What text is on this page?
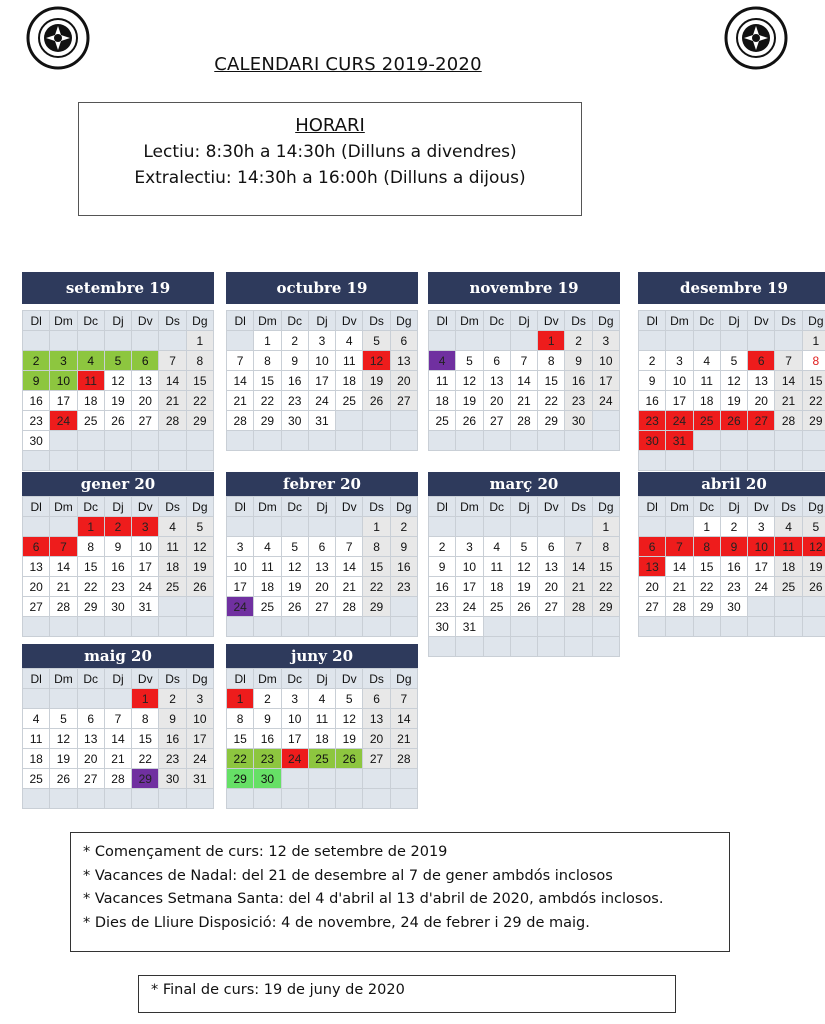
CALENDARI CURS 2019-2020
HORARI
Lectiu: 8:30h a 14:30h (Dilluns a divendres)
Extralectiu: 14:30h a 16:00h (Dilluns a dijous)
setembre 19
Dl	Dm	Dc	Dj	Dv	Ds	Dg
						1
2	3	4	5	6	7	8
9	10	11	12	13	14	15
16	17	18	19	20	21	22
23	24	25	26	27	28	29
30						

octubre 19
Dl	Dm	Dc	Dj	Dv	Ds	Dg
	1	2	3	4	5	6
7	8	9	10	11	12	13
14	15	16	17	18	19	20
21	22	23	24	25	26	27
28	29	30	31			

novembre 19
Dl	Dm	Dc	Dj	Dv	Ds	Dg
				1	2	3
4	5	6	7	8	9	10
11	12	13	14	15	16	17
18	19	20	21	22	23	24
25	26	27	28	29	30	

desembre 19
Dl	Dm	Dc	Dj	Dv	Ds	Dg
						1
2	3	4	5	6	7	8
9	10	11	12	13	14	15
16	17	18	19	20	21	22
23	24	25	26	27	28	29
30	31					

gener 20
Dl	Dm	Dc	Dj	Dv	Ds	Dg
		1	2	3	4	5
6	7	8	9	10	11	12
13	14	15	16	17	18	19
20	21	22	23	24	25	26
27	28	29	30	31		

febrer 20
Dl	Dm	Dc	Dj	Dv	Ds	Dg
					1	2
3	4	5	6	7	8	9
10	11	12	13	14	15	16
17	18	19	20	21	22	23
24	25	26	27	28	29	

març 20
Dl	Dm	Dc	Dj	Dv	Ds	Dg
						1
2	3	4	5	6	7	8
9	10	11	12	13	14	15
16	17	18	19	20	21	22
23	24	25	26	27	28	29
30	31					

abril 20
Dl	Dm	Dc	Dj	Dv	Ds	Dg
		1	2	3	4	5
6	7	8	9	10	11	12
13	14	15	16	17	18	19
20	21	22	23	24	25	26
27	28	29	30			

maig 20
Dl	Dm	Dc	Dj	Dv	Ds	Dg
				1	2	3
4	5	6	7	8	9	10
11	12	13	14	15	16	17
18	19	20	21	22	23	24
25	26	27	28	29	30	31

juny 20
Dl	Dm	Dc	Dj	Dv	Ds	Dg
1	2	3	4	5	6	7
8	9	10	11	12	13	14
15	16	17	18	19	20	21
22	23	24	25	26	27	28
29	30					

* Començament de curs: 12 de setembre de 2019
* Vacances de Nadal: del 21 de desembre al 7 de gener ambdós inclosos
* Vacances Setmana Santa: del 4 d'abril al 13 d'abril de 2020, ambdós inclosos.
* Dies de Lliure Disposició: 4 de novembre, 24 de febrer i 29 de maig.
* Final de curs: 19 de juny de 2020
